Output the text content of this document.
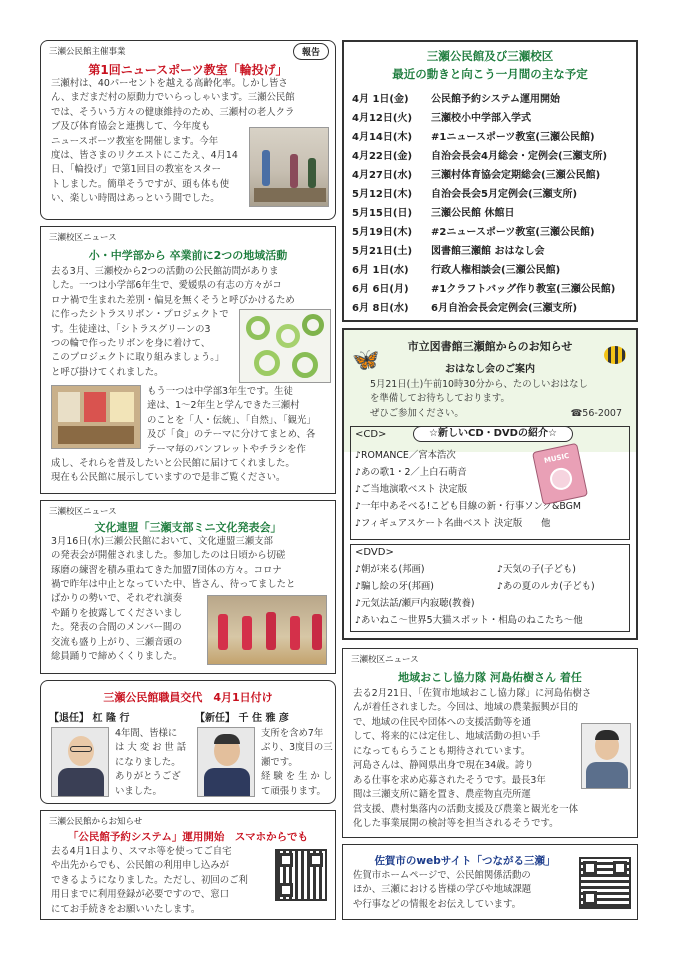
三瀬公民館主催事業	報告
第1回ニュースポーツ教室「輪投げ」
三瀬村は、40パーセントを越える高齢化率。しかし皆さ
ん、まだまだ村の原動力でいらっしゃいます。三瀬公民館
では、そういう方々の健康維持のため、三瀬村の老人クラ
ブ及び体育協会と連携して、今年度も
ニュースポーツ教室を開催します。今年
度は、皆さまのリクエストにこたえ、4月14
日、「輪投げ」で第1回目の教室をスター
トしました。簡単そうですが、頭も体も使
い、楽しい時間はあっという間でした。
三瀬校区ニュース
小・中学部から 卒業前に2つの地域活動
去る3月、三瀬校から2つの活動の公民館訪問がありま
した。一つは小学部6年生で、愛媛県の有志の方々がコ
ロナ禍で生まれた差別・偏見を無くそうと呼びかけるため
に作ったシトラスリボン・プロジェクトで
す。生徒達は、「シトラスグリーンの3
つの輪で作ったリボンを身に着けて、
このプロジェクトに取り組みましょう。」
と呼び掛けてくれました。
もう一つは中学部3年生です。生徒
達は、1～2年生と学んできた三瀬村
のことを「人・伝統」、「自然」、「観光」
及び「食」のテーマに分けてまとめ、各
テーマ毎のパンフレットやチラシを作
成し、それらを普及したいと公民館に届けてくれました。
現在も公民館に展示していますので是非ご覧ください。
三瀬校区ニュース
文化連盟「三瀬支部ミニ文化発表会」
3月16日(水)三瀬公民館において、文化連盟三瀬支部
の発表会が開催されました。参加したのは日頃から切磋
琢磨の練習を積み重ねてきた加盟7団体の方々。コロナ
禍で昨年は中止となっていた中、皆さん、待ってましたと
ばかりの勢いで、それぞれ演奏
や踊りを披露してくださいまし
た。発表の合間のメンバー間の
交流も盛り上がり、三瀬音頭の
総員踊りで締めくくりました。
三瀬公民館職員交代　4月1日付け
【退任】 杠 隆 行
4年間、皆様に
は 大 変 お 世 話
になりました。
ありがとうござ
いました。
【新任】 千 住 雅 彦
支所を含め7年
ぶり、3度目の三
瀬です。
経 験 を 生 か し
て頑張ります。
三瀬公民館からお知らせ
「公民館予約システム」運用開始　スマホからでも
去る4月1日より、スマホ等を使ってご自宅
や出先からでも、公民館の利用申し込みが
できるようになりました。ただし、初回のご利
用日までに利用登録が必要ですので、窓口
にてお手続きをお願いいたします。
三瀬公民館及び三瀬校区
最近の動きと向こう一月間の主な予定
4月 1日(金) 公民館予約システム運用開始
4月12日(火) 三瀬校小中学部入学式
4月14日(木) #1ニュースポーツ教室(三瀬公民館)
4月22日(金) 自治会長会4月総会・定例会(三瀬支所)
4月27日(水) 三瀬村体育協会定期総会(三瀬公民館)
5月12日(木) 自治会長会5月定例会(三瀬支所)
5月15日(日) 三瀬公民館 休館日
5月19日(木) #2ニュースポーツ教室(三瀬公民館)
5月21日(土) 図書館三瀬館 おはなし会
6月 1日(水) 行政人権相談会(三瀬公民館)
6月 6日(月) #1クラフトバッグ作り教室(三瀬公民館)
6月 8日(水) 6月自治会長会定例会(三瀬支所)
市立図書館三瀬館からのお知らせ
🦋	おはなし会のご案内
5月21日(土)午前10時30分から、たのしいおはなし
を準備してお待ちしております。
ぜひご参加ください。	☎56-2007
<CD>	☆新しいCD・DVDの紹介☆
♪ROMANCE／宮本浩次
♪あの歌1・2／上白石萌音
♪ご当地演歌ベスト 決定版
♪一年中あそべる!こども目線の新・行事ソング&BGM
♪フィギュアスケート名曲ベスト 決定版　　他
MUSIC
<DVD>
♪朝が来る(邦画)
♪騙し絵の牙(邦画)
♪天気の子(子ども)
♪あの夏のルカ(子ども)
♪元気法話/瀬戸内寂聴(教養)
♪あいねこ～世界5大猫スポット・相島のねこたち～他
三瀬校区ニュース
地域おこし協力隊 河島佑樹さん 着任
去る2月21日、「佐賀市地域おこし協力隊」に河島佑樹さ
んが着任されました。今回は、地域の農業振興が目的
で、地域の住民や団体への支援活動等を通
して、将来的には定住し、地域活動の担い手
になってもらうことも期待されています。
河島さんは、静岡県出身で現在34歳。誇り
ある仕事を求め応募されたそうです。最長3年
間は三瀬支所に籍を置き、農産物直売所運
営支援、農村集落内の活動支援及び農業と観光を一体
化した事業展開の検討等を担当されるそうです。
佐賀市のwebサイト「つながる三瀬」
佐賀市ホームページで、公民館関係活動の
ほか、三瀬における皆様の学びや地域課題
や行事などの情報をお伝えしています。
